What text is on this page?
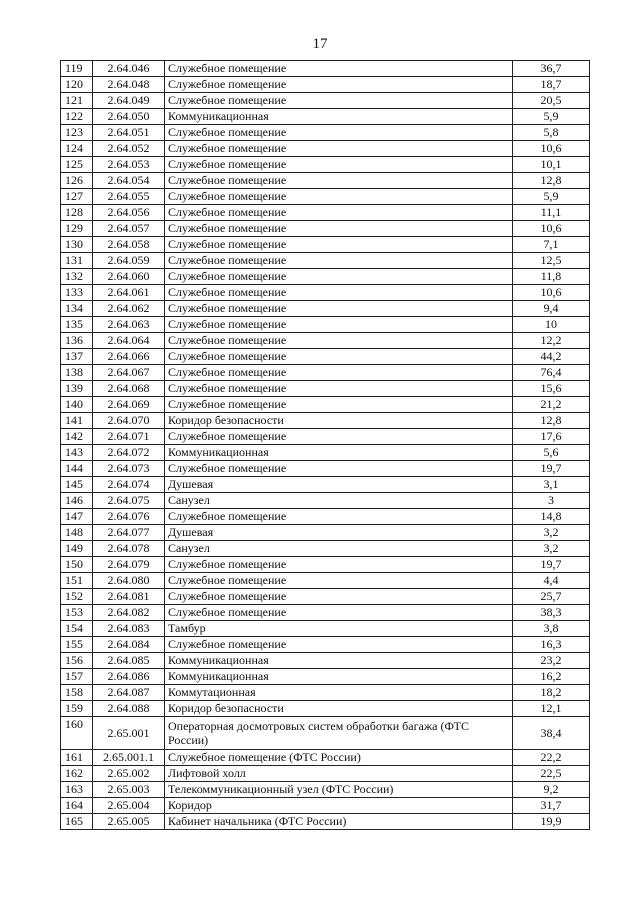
17
119	2.64.046	Служебное помещение	36,7
120	2.64.048	Служебное помещение	18,7
121	2.64.049	Служебное помещение	20,5
122	2.64.050	Коммуникационная	5,9
123	2.64.051	Служебное помещение	5,8
124	2.64.052	Служебное помещение	10,6
125	2.64.053	Служебное помещение	10,1
126	2.64.054	Служебное помещение	12,8
127	2.64.055	Служебное помещение	5,9
128	2.64.056	Служебное помещение	11,1
129	2.64.057	Служебное помещение	10,6
130	2.64.058	Служебное помещение	7,1
131	2.64.059	Служебное помещение	12,5
132	2.64.060	Служебное помещение	11,8
133	2.64.061	Служебное помещение	10,6
134	2.64.062	Служебное помещение	9,4
135	2.64.063	Служебное помещение	10
136	2.64.064	Служебное помещение	12,2
137	2.64.066	Служебное помещение	44,2
138	2.64.067	Служебное помещение	76,4
139	2.64.068	Служебное помещение	15,6
140	2.64.069	Служебное помещение	21,2
141	2.64.070	Коридор безопасности	12,8
142	2.64.071	Служебное помещение	17,6
143	2.64.072	Коммуникационная	5,6
144	2.64.073	Служебное помещение	19,7
145	2.64.074	Душевая	3,1
146	2.64.075	Санузел	3
147	2.64.076	Служебное помещение	14,8
148	2.64.077	Душевая	3,2
149	2.64.078	Санузел	3,2
150	2.64.079	Служебное помещение	19,7
151	2.64.080	Служебное помещение	4,4
152	2.64.081	Служебное помещение	25,7
153	2.64.082	Служебное помещение	38,3
154	2.64.083	Тамбур	3,8
155	2.64.084	Служебное помещение	16,3
156	2.64.085	Коммуникационная	23,2
157	2.64.086	Коммуникационная	16,2
158	2.64.087	Коммутационная	18,2
159	2.64.088	Коридор безопасности	12,1
160	2.65.001	Операторная досмотровых систем обработки багажа (ФТС России)	38,4
161	2.65.001.1	Служебное помещение (ФТС России)	22,2
162	2.65.002	Лифтовой холл	22,5
163	2.65.003	Телекоммуникационный узел (ФТС России)	9,2
164	2.65.004	Коридор	31,7
165	2.65.005	Кабинет начальника (ФТС России)	19,9
